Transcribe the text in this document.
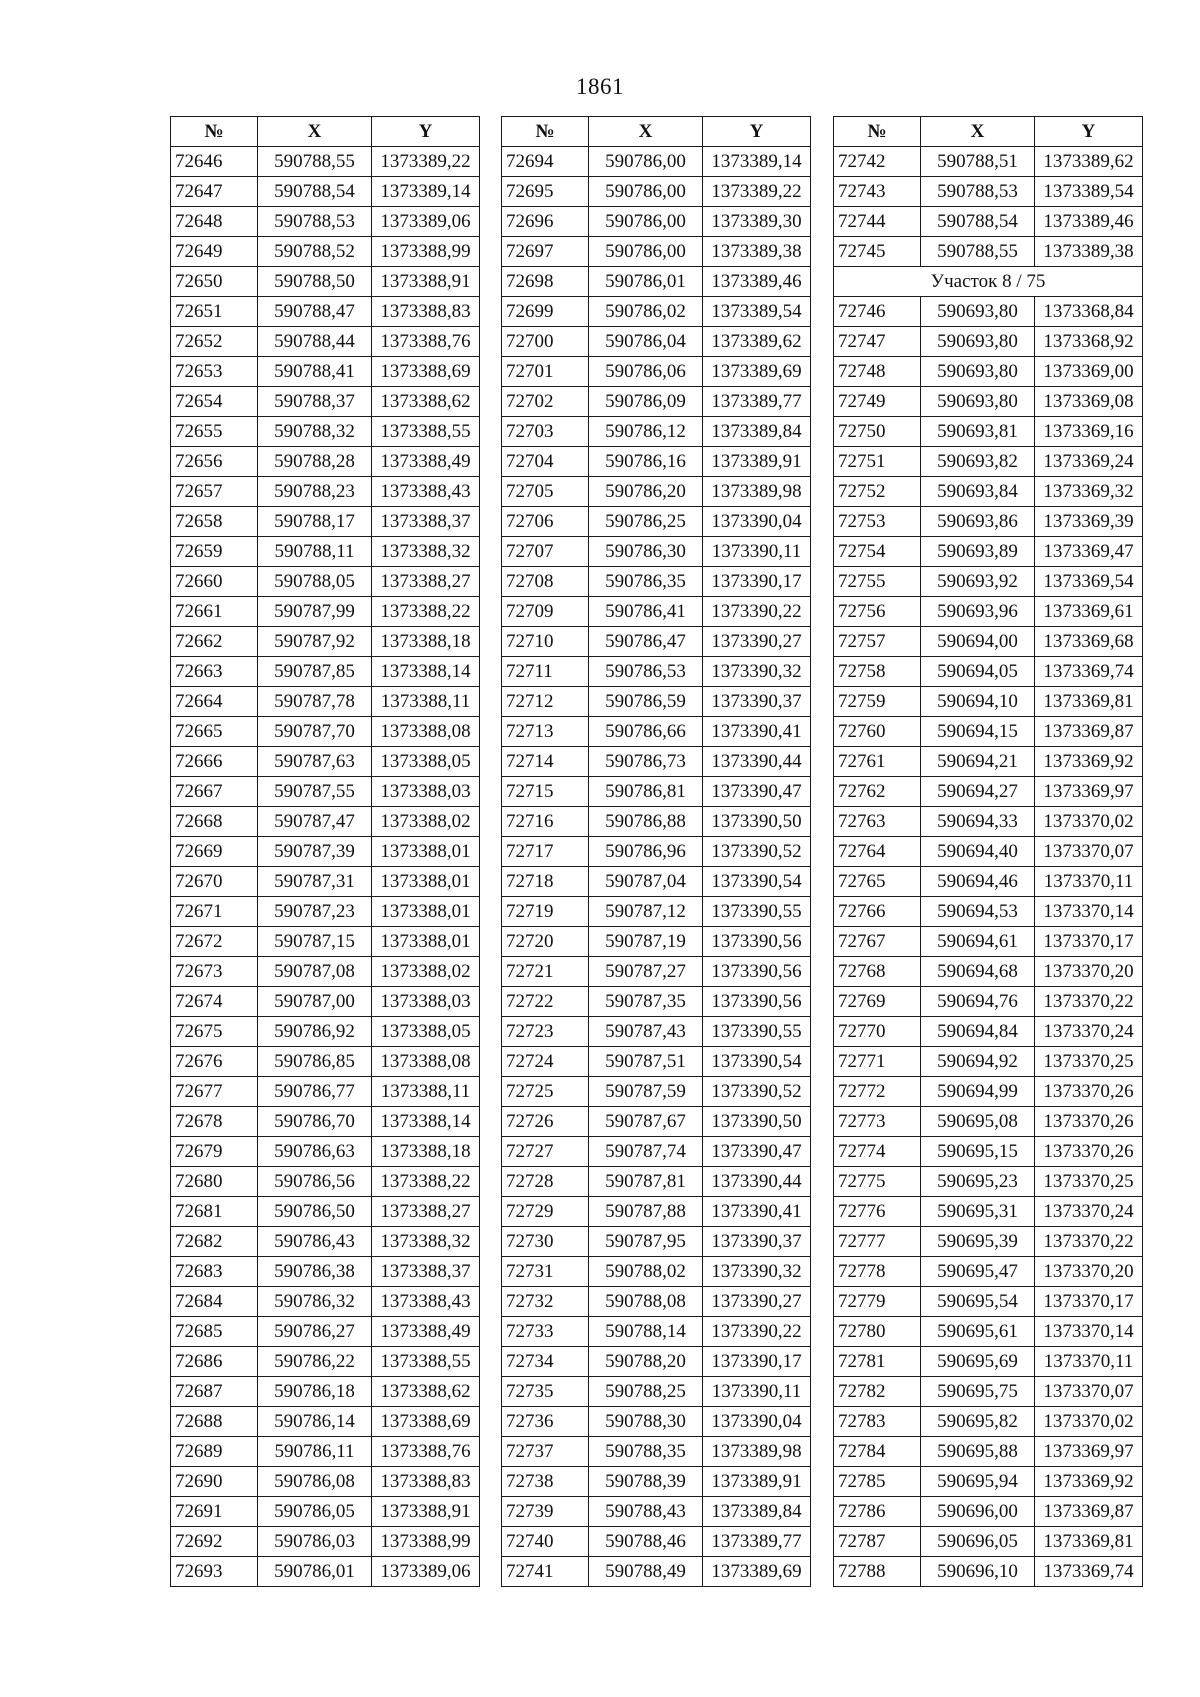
1861
№	X	Y
72646	590788,55	1373389,22
72647	590788,54	1373389,14
72648	590788,53	1373389,06
72649	590788,52	1373388,99
72650	590788,50	1373388,91
72651	590788,47	1373388,83
72652	590788,44	1373388,76
72653	590788,41	1373388,69
72654	590788,37	1373388,62
72655	590788,32	1373388,55
72656	590788,28	1373388,49
72657	590788,23	1373388,43
72658	590788,17	1373388,37
72659	590788,11	1373388,32
72660	590788,05	1373388,27
72661	590787,99	1373388,22
72662	590787,92	1373388,18
72663	590787,85	1373388,14
72664	590787,78	1373388,11
72665	590787,70	1373388,08
72666	590787,63	1373388,05
72667	590787,55	1373388,03
72668	590787,47	1373388,02
72669	590787,39	1373388,01
72670	590787,31	1373388,01
72671	590787,23	1373388,01
72672	590787,15	1373388,01
72673	590787,08	1373388,02
72674	590787,00	1373388,03
72675	590786,92	1373388,05
72676	590786,85	1373388,08
72677	590786,77	1373388,11
72678	590786,70	1373388,14
72679	590786,63	1373388,18
72680	590786,56	1373388,22
72681	590786,50	1373388,27
72682	590786,43	1373388,32
72683	590786,38	1373388,37
72684	590786,32	1373388,43
72685	590786,27	1373388,49
72686	590786,22	1373388,55
72687	590786,18	1373388,62
72688	590786,14	1373388,69
72689	590786,11	1373388,76
72690	590786,08	1373388,83
72691	590786,05	1373388,91
72692	590786,03	1373388,99
72693	590786,01	1373389,06
№	X	Y
72694	590786,00	1373389,14
72695	590786,00	1373389,22
72696	590786,00	1373389,30
72697	590786,00	1373389,38
72698	590786,01	1373389,46
72699	590786,02	1373389,54
72700	590786,04	1373389,62
72701	590786,06	1373389,69
72702	590786,09	1373389,77
72703	590786,12	1373389,84
72704	590786,16	1373389,91
72705	590786,20	1373389,98
72706	590786,25	1373390,04
72707	590786,30	1373390,11
72708	590786,35	1373390,17
72709	590786,41	1373390,22
72710	590786,47	1373390,27
72711	590786,53	1373390,32
72712	590786,59	1373390,37
72713	590786,66	1373390,41
72714	590786,73	1373390,44
72715	590786,81	1373390,47
72716	590786,88	1373390,50
72717	590786,96	1373390,52
72718	590787,04	1373390,54
72719	590787,12	1373390,55
72720	590787,19	1373390,56
72721	590787,27	1373390,56
72722	590787,35	1373390,56
72723	590787,43	1373390,55
72724	590787,51	1373390,54
72725	590787,59	1373390,52
72726	590787,67	1373390,50
72727	590787,74	1373390,47
72728	590787,81	1373390,44
72729	590787,88	1373390,41
72730	590787,95	1373390,37
72731	590788,02	1373390,32
72732	590788,08	1373390,27
72733	590788,14	1373390,22
72734	590788,20	1373390,17
72735	590788,25	1373390,11
72736	590788,30	1373390,04
72737	590788,35	1373389,98
72738	590788,39	1373389,91
72739	590788,43	1373389,84
72740	590788,46	1373389,77
72741	590788,49	1373389,69
№	X	Y
72742	590788,51	1373389,62
72743	590788,53	1373389,54
72744	590788,54	1373389,46
72745	590788,55	1373389,38
Участок 8 / 75		
72746	590693,80	1373368,84
72747	590693,80	1373368,92
72748	590693,80	1373369,00
72749	590693,80	1373369,08
72750	590693,81	1373369,16
72751	590693,82	1373369,24
72752	590693,84	1373369,32
72753	590693,86	1373369,39
72754	590693,89	1373369,47
72755	590693,92	1373369,54
72756	590693,96	1373369,61
72757	590694,00	1373369,68
72758	590694,05	1373369,74
72759	590694,10	1373369,81
72760	590694,15	1373369,87
72761	590694,21	1373369,92
72762	590694,27	1373369,97
72763	590694,33	1373370,02
72764	590694,40	1373370,07
72765	590694,46	1373370,11
72766	590694,53	1373370,14
72767	590694,61	1373370,17
72768	590694,68	1373370,20
72769	590694,76	1373370,22
72770	590694,84	1373370,24
72771	590694,92	1373370,25
72772	590694,99	1373370,26
72773	590695,08	1373370,26
72774	590695,15	1373370,26
72775	590695,23	1373370,25
72776	590695,31	1373370,24
72777	590695,39	1373370,22
72778	590695,47	1373370,20
72779	590695,54	1373370,17
72780	590695,61	1373370,14
72781	590695,69	1373370,11
72782	590695,75	1373370,07
72783	590695,82	1373370,02
72784	590695,88	1373369,97
72785	590695,94	1373369,92
72786	590696,00	1373369,87
72787	590696,05	1373369,81
72788	590696,10	1373369,74
